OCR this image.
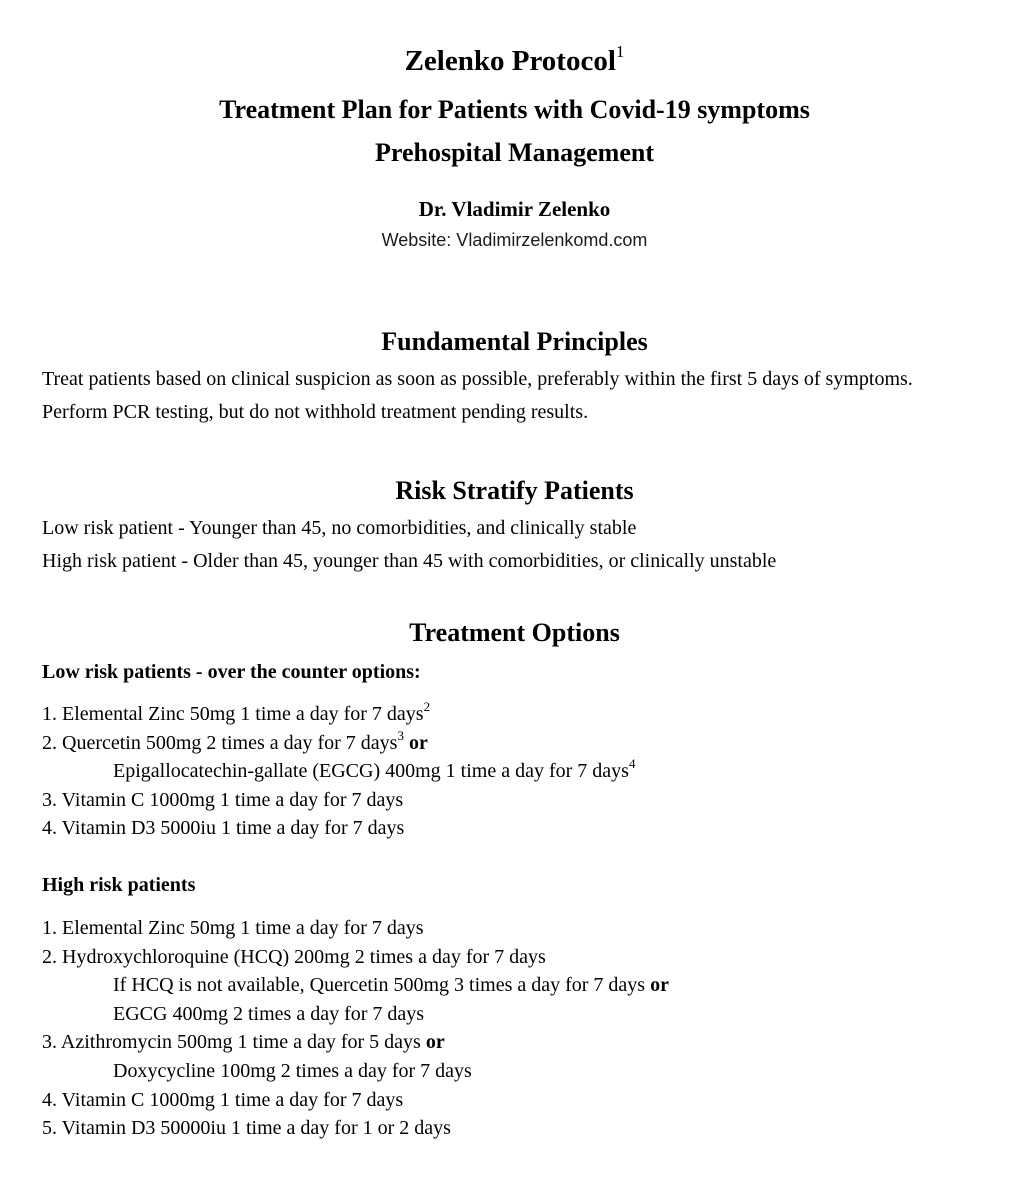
Zelenko Protocol$^1$
Treatment Plan for Patients with Covid-19 symptoms
Prehospital Management
Dr. Vladimir Zelenko
Website: Vladimirzelenkomd.com
Fundamental Principles

Treat patients based on clinical suspicion as soon as possible, preferably within the first 5 days of symptoms.  Perform PCR testing, but do not withhold treatment pending results.

Risk Stratify Patients

Low risk patient - Younger than 45, no comorbidities, and clinically stable

High risk patient - Older than 45, younger than 45 with comorbidities, or clinically unstable

Treatment Options
Low risk patients - over the counter options:
1. Elemental Zinc 50mg 1 time a day for 7 days$^2$
2. Quercetin 500mg 2 times a day for 7 days$^3$ or
Epigallocatechin-gallate (EGCG) 400mg 1 time a day for 7 days$^4$
3. Vitamin C 1000mg 1 time a day for 7 days
4. Vitamin D3 5000iu 1 time a day for 7 days
High risk patients
1. Elemental Zinc 50mg 1 time a day for 7 days
2. Hydroxychloroquine (HCQ) 200mg 2 times a day for 7 days
If HCQ is not available, Quercetin 500mg 3 times a day for 7 days or
EGCG 400mg 2 times a day for 7 days
3. Azithromycin 500mg 1 time a day for 5 days or
Doxycycline 100mg 2 times a day for 7 days
4. Vitamin C 1000mg 1 time a day for 7 days
5. Vitamin D3 50000iu 1 time a day for 1 or 2 days
